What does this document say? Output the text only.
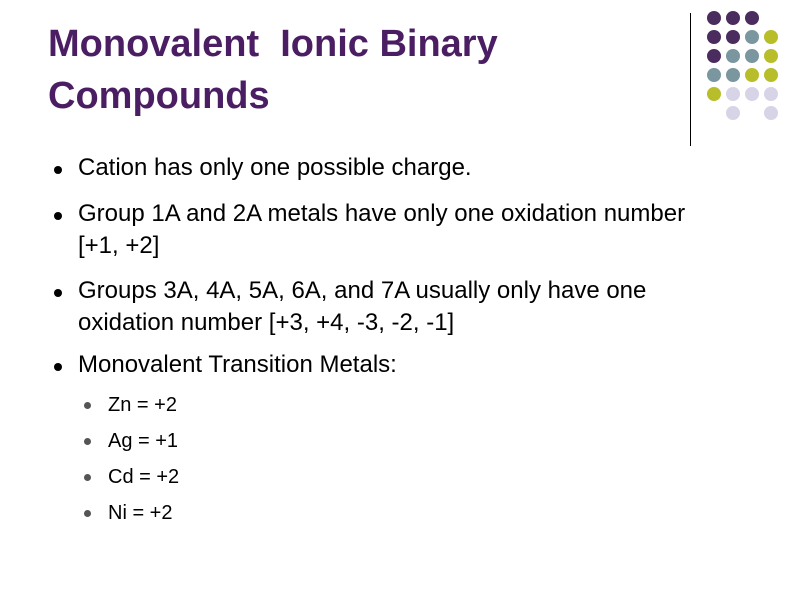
Monovalent  Ionic Binary
Compounds
Cation has only one possible charge.
Group 1A and 2A metals have only one oxidation number [+1, +2]
Groups 3A, 4A, 5A, 6A, and 7A usually only have one oxidation number [+3, +4, -3, -2, -1]
Monovalent Transition Metals:
Zn = +2
Ag = +1
Cd = +2
Ni = +2
